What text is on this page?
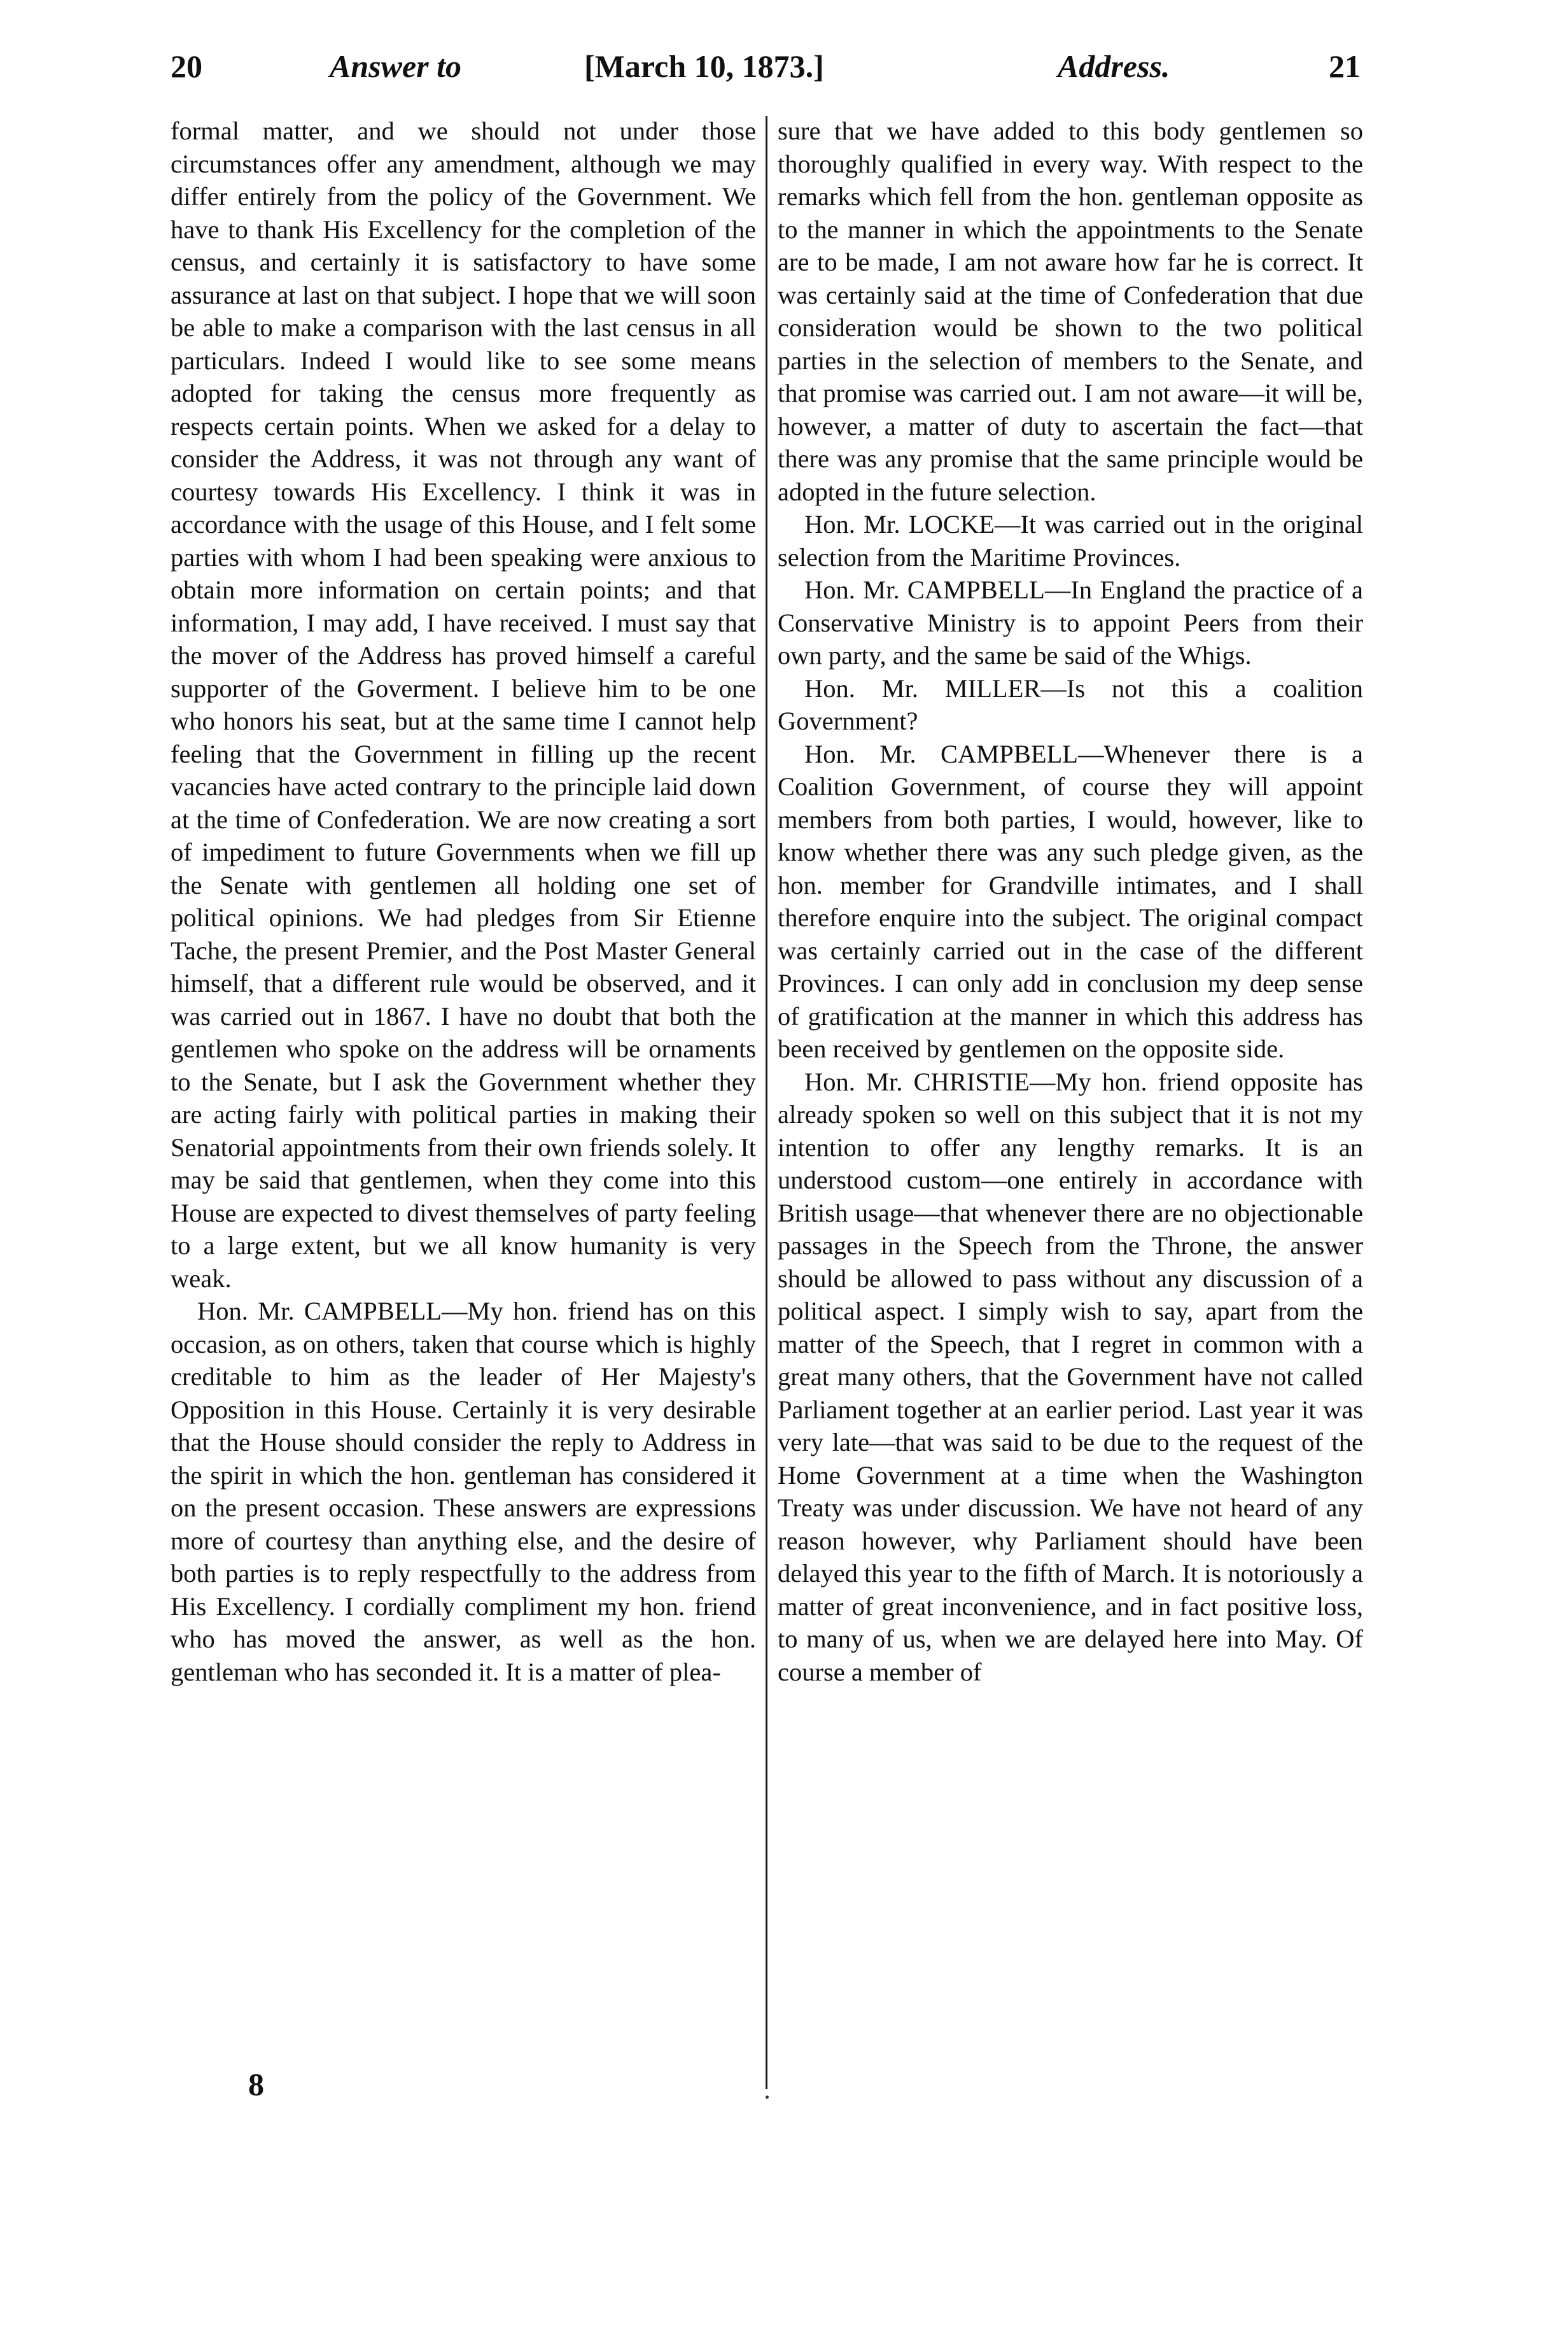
20	Answer to	[March 10, 1873.]	Address.	21

formal matter, and we should not under those circumstances offer any amendment, although we may differ entirely from the policy of the Government. We have to thank His Excellency for the completion of the census, and certainly it is satisfactory to have some assurance at last on that subject. I hope that we will soon be able to make a comparison with the last census in all particulars. Indeed I would like to see some means adopted for taking the census more frequently as respects certain points. When we asked for a delay to consider the Address, it was not through any want of courtesy towards His Excellency. I think it was in accordance with the usage of this House, and I felt some parties with whom I had been speaking were anxious to obtain more information on certain points; and that information, I may add, I have received. I must say that the mover of the Address has proved himself a careful supporter of the Goverment. I believe him to be one who honors his seat, but at the same time I cannot help feeling that the Government in filling up the recent vacancies have acted contrary to the principle laid down at the time of Confederation. We are now creating a sort of impediment to future Governments when we fill up the Senate with gentlemen all holding one set of political opinions. We had pledges from Sir Etienne Tache, the present Premier, and the Post Master General himself, that a different rule would be observed, and it was carried out in 1867. I have no doubt that both the gentlemen who spoke on the address will be ornaments to the Senate, but I ask the Government whether they are acting fairly with political parties in making their Senatorial appointments from their own friends solely. It may be said that gentlemen, when they come into this House are expected to divest themselves of party feeling to a large extent, but we all know humanity is very weak.

Hon. Mr. CAMPBELL—My hon. friend has on this occasion, as on others, taken that course which is highly creditable to him as the leader of Her Majesty's Opposition in this House. Certainly it is very desirable that the House should consider the reply to Address in the spirit in which the hon. gentleman has considered it on the present occasion. These answers are expressions more of courtesy than anything else, and the desire of both parties is to reply respectfully to the address from His Excellency. I cordially compliment my hon. friend who has moved the answer, as well as the hon. gentleman who has seconded it. It is a matter of plea-

sure that we have added to this body gentlemen so thoroughly qualified in every way. With respect to the remarks which fell from the hon. gentleman opposite as to the manner in which the appointments to the Senate are to be made, I am not aware how far he is correct. It was certainly said at the time of Confederation that due consideration would be shown to the two political parties in the selection of members to the Senate, and that promise was carried out. I am not aware—it will be, however, a matter of duty to ascertain the fact—that there was any promise that the same principle would be adopted in the future selection.

Hon. Mr. LOCKE—It was carried out in the original selection from the Maritime Provinces.

Hon. Mr. CAMPBELL—In England the practice of a Conservative Ministry is to appoint Peers from their own party, and the same be said of the Whigs.

Hon. Mr. MILLER—Is not this a coalition Government?

Hon. Mr. CAMPBELL—Whenever there is a Coalition Government, of course they will appoint members from both parties, I would, however, like to know whether there was any such pledge given, as the hon. member for Grandville intimates, and I shall therefore enquire into the subject. The original compact was certainly carried out in the case of the different Provinces. I can only add in conclusion my deep sense of gratification at the manner in which this address has been received by gentlemen on the opposite side.

Hon. Mr. CHRISTIE—My hon. friend opposite has already spoken so well on this subject that it is not my intention to offer any lengthy remarks. It is an understood custom—one entirely in accordance with British usage—that whenever there are no objectionable passages in the Speech from the Throne, the answer should be allowed to pass without any discussion of a political aspect. I simply wish to say, apart from the matter of the Speech, that I regret in common with a great many others, that the Government have not called Parliament together at an earlier period. Last year it was very late—that was said to be due to the request of the Home Government at a time when the Washington Treaty was under discussion. We have not heard of any reason however, why Parliament should have been delayed this year to the fifth of March. It is notoriously a matter of great inconvenience, and in fact positive loss, to many of us, when we are delayed here into May. Of course a member of

8
